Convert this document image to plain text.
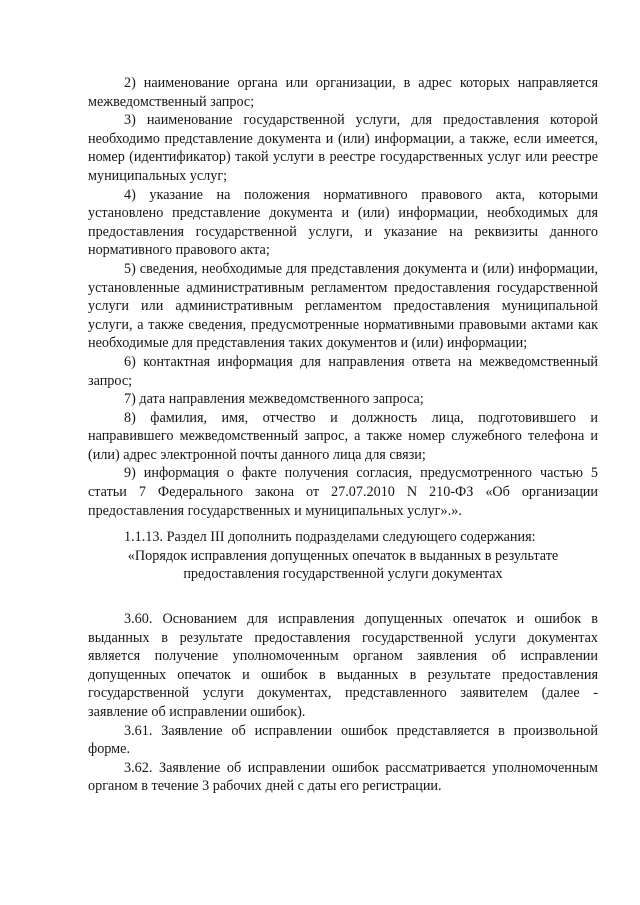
2) наименование органа или организации, в адрес которых направляется межведомственный запрос;

3) наименование государственной услуги, для предоставления которой необходимо представление документа и (или) информации, а также, если имеется, номер (идентификатор) такой услуги в реестре государственных услуг или реестре муниципальных услуг;

4) указание на положения нормативного правового акта, которыми установлено представление документа и (или) информации, необходимых для предоставления государственной услуги, и указание на реквизиты данного нормативного правового акта;

5) сведения, необходимые для представления документа и (или) информации, установленные административным регламентом предоставления государственной услуги или административным регламентом предоставления муниципальной услуги, а также сведения, предусмотренные нормативными правовыми актами как необходимые для представления таких документов и (или) информации;

6) контактная информация для направления ответа на межведомственный запрос;

7) дата направления межведомственного запроса;

8) фамилия, имя, отчество и должность лица, подготовившего и направившего межведомственный запрос, а также номер служебного телефона и (или) адрес электронной почты данного лица для связи;

9) информация о факте получения согласия, предусмотренного частью 5 статьи 7 Федерального закона от 27.07.2010 N 210-ФЗ «Об организации предоставления государственных и муниципальных услуг».».

1.1.13. Раздел III дополнить подразделами следующего содержания:

«Порядок исправления допущенных опечаток в выданных в результате предоставления государственной услуги документах

3.60. Основанием для исправления допущенных опечаток и ошибок в выданных в результате предоставления государственной услуги документах является получение уполномоченным органом заявления об исправлении допущенных опечаток и ошибок в выданных в результате предоставления государственной услуги документах, представленного заявителем (далее - заявление об исправлении ошибок).

3.61. Заявление об исправлении ошибок представляется в произвольной форме.

3.62. Заявление об исправлении ошибок рассматривается уполномоченным органом в течение 3 рабочих дней с даты его регистрации.
